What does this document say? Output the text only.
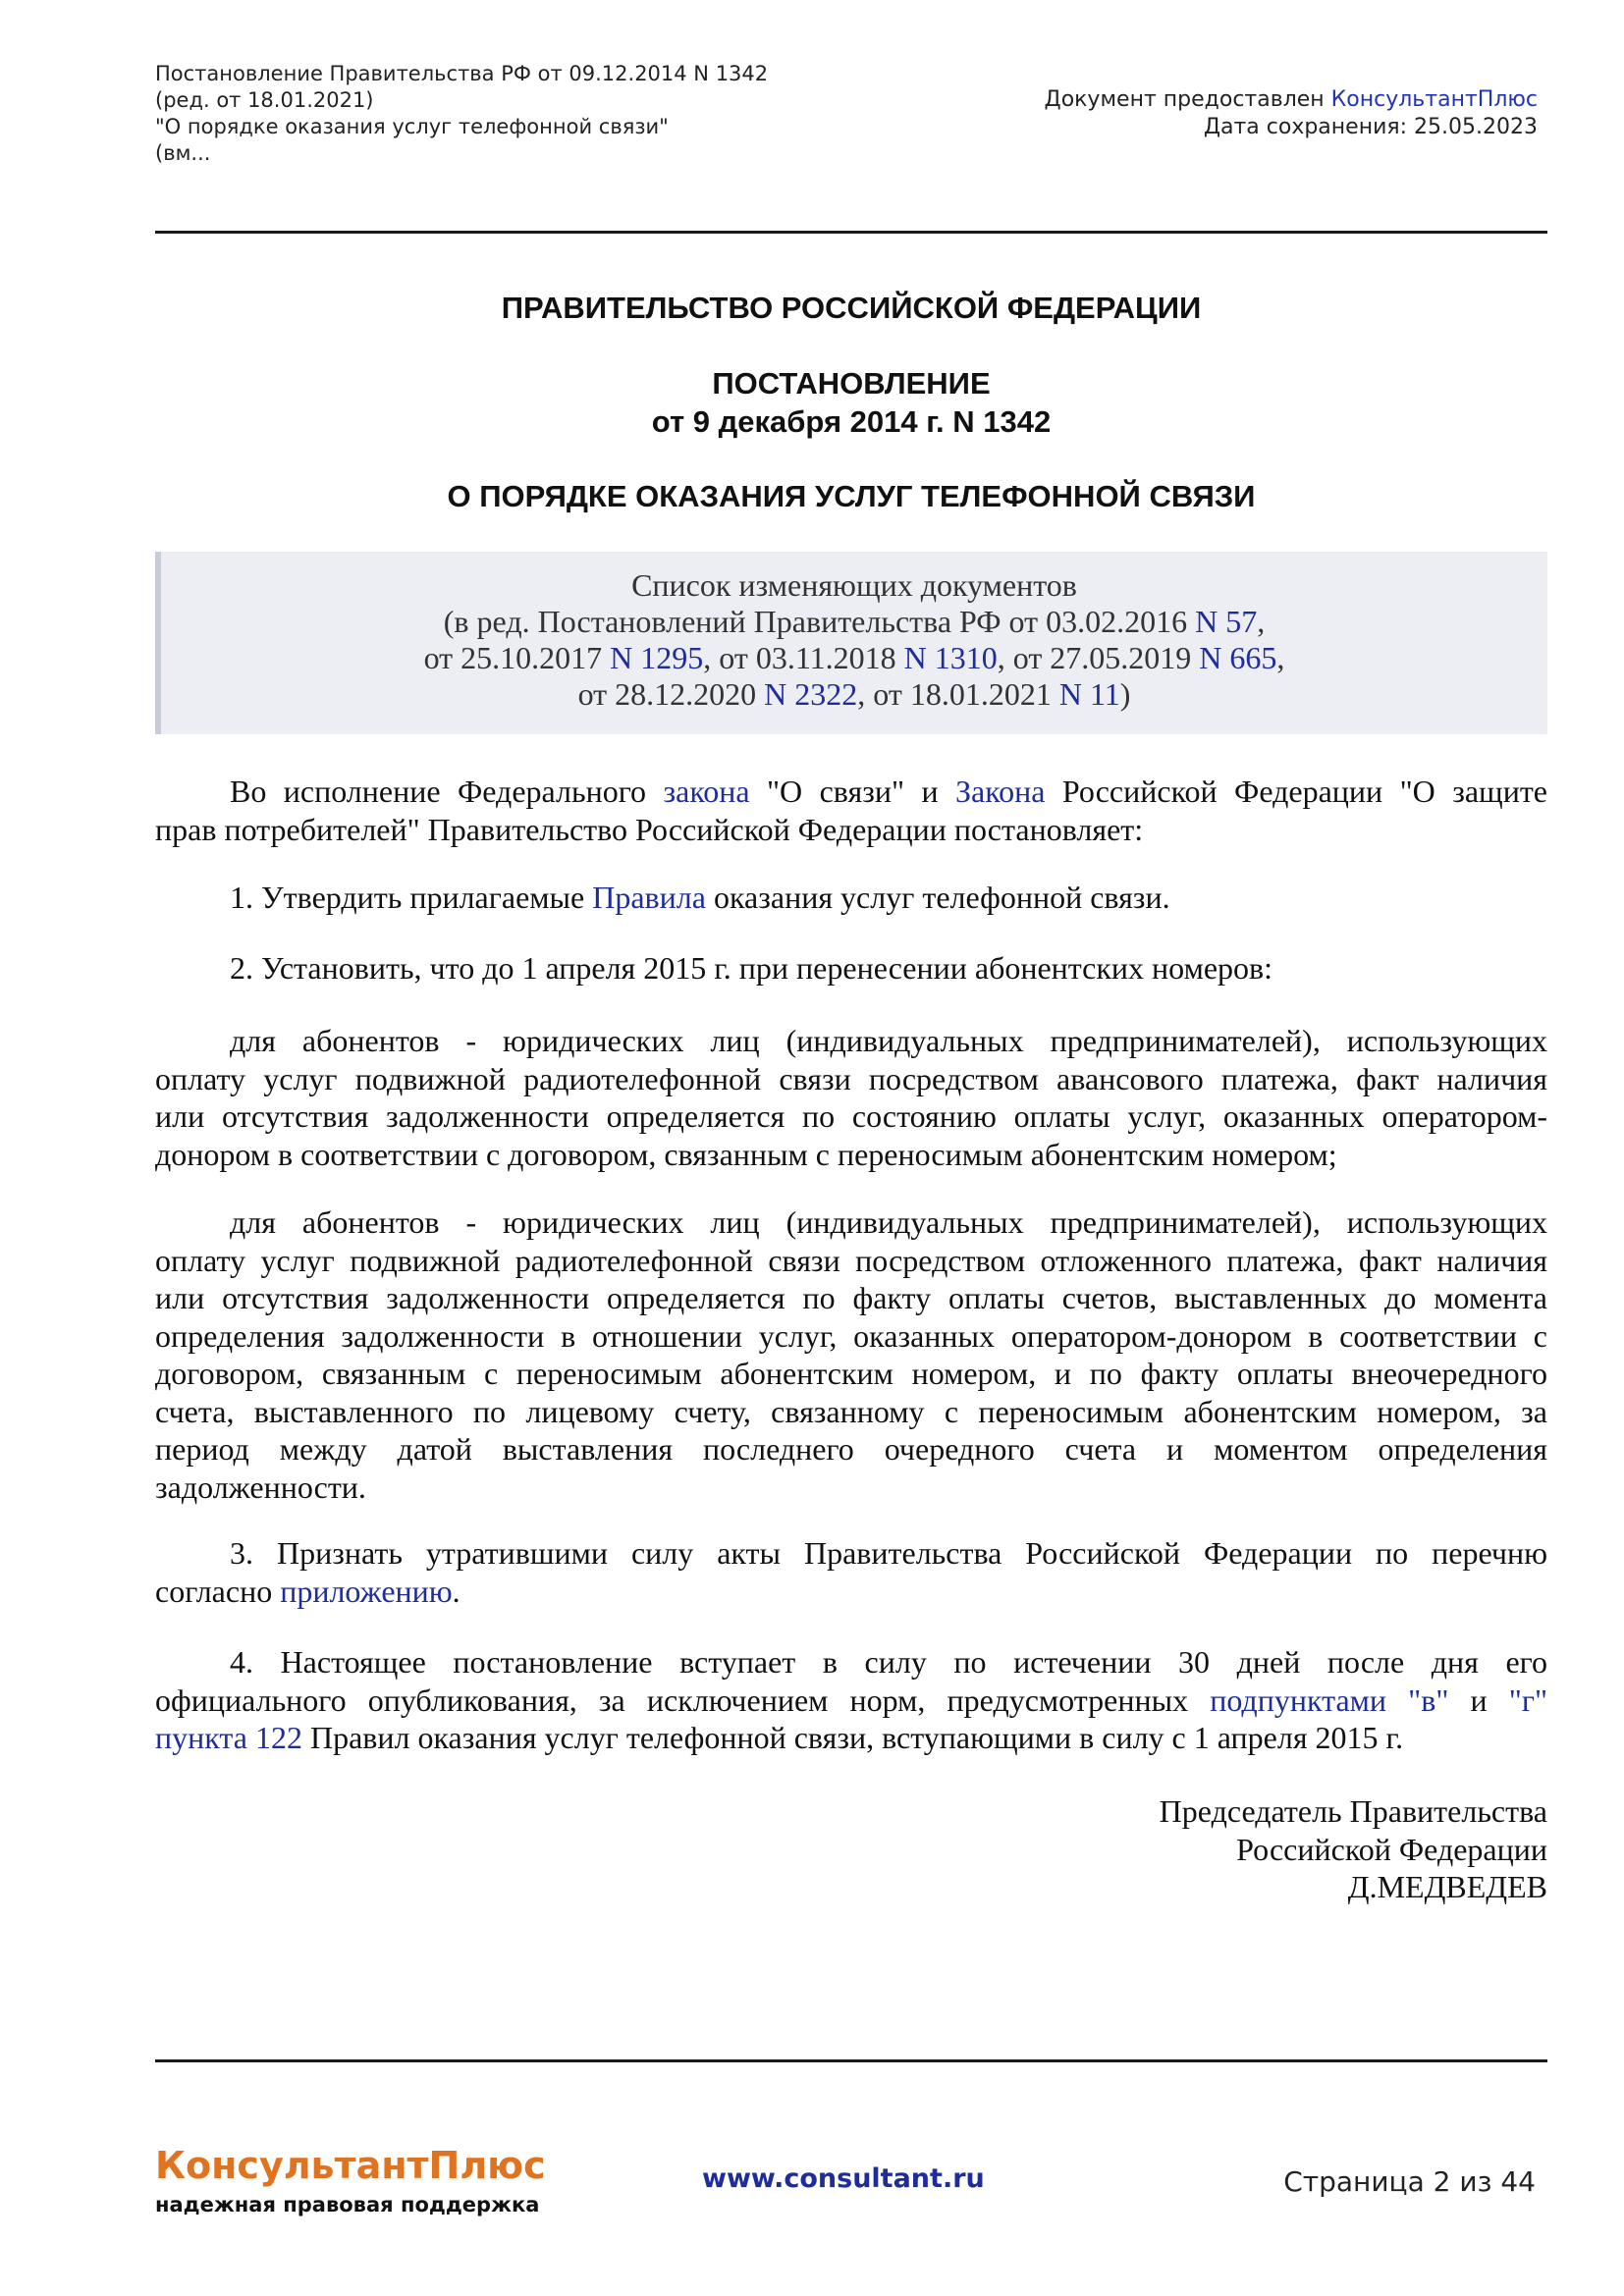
Постановление Правительства РФ от 09.12.2014 N 1342
(ред. от 18.01.2021)
"О порядке оказания услуг телефонной связи"
(вм...
Документ предоставлен КонсультантПлюс
Дата сохранения: 25.05.2023
ПРАВИТЕЛЬСТВО РОССИЙСКОЙ ФЕДЕРАЦИИ
ПОСТАНОВЛЕНИЕ
от 9 декабря 2014 г. N 1342
О ПОРЯДКЕ ОКАЗАНИЯ УСЛУГ ТЕЛЕФОННОЙ СВЯЗИ
Список изменяющих документов
(в ред. Постановлений Правительства РФ от 03.02.2016 N 57,
от 25.10.2017 N 1295, от 03.11.2018 N 1310, от 27.05.2019 N 665,
от 28.12.2020 N 2322, от 18.01.2021 N 11)
Во исполнение Федерального закона "О связи" и Закона Российской Федерации "О защите
прав потребителей" Правительство Российской Федерации постановляет:
1. Утвердить прилагаемые Правила оказания услуг телефонной связи.
2. Установить, что до 1 апреля 2015 г. при перенесении абонентских номеров:
для абонентов - юридических лиц (индивидуальных предпринимателей), использующих
оплату услуг подвижной радиотелефонной связи посредством авансового платежа, факт наличия
или отсутствия задолженности определяется по состоянию оплаты услуг, оказанных оператором-
донором в соответствии с договором, связанным с переносимым абонентским номером;
для абонентов - юридических лиц (индивидуальных предпринимателей), использующих
оплату услуг подвижной радиотелефонной связи посредством отложенного платежа, факт наличия
или отсутствия задолженности определяется по факту оплаты счетов, выставленных до момента
определения задолженности в отношении услуг, оказанных оператором-донором в соответствии с
договором, связанным с переносимым абонентским номером, и по факту оплаты внеочередного
счета, выставленного по лицевому счету, связанному с переносимым абонентским номером, за
период между датой выставления последнего очередного счета и моментом определения
задолженности.
3. Признать утратившими силу акты Правительства Российской Федерации по перечню
согласно приложению.
4. Настоящее постановление вступает в силу по истечении 30 дней после дня его
официального опубликования, за исключением норм, предусмотренных подпунктами "в" и "г"
пункта 122 Правил оказания услуг телефонной связи, вступающими в силу с 1 апреля 2015 г.
Председатель Правительства
Российской Федерации
Д.МЕДВЕДЕВ
КонсультантПлюс
надежная правовая поддержка
www.consultant.ru	Страница 2 из 44
